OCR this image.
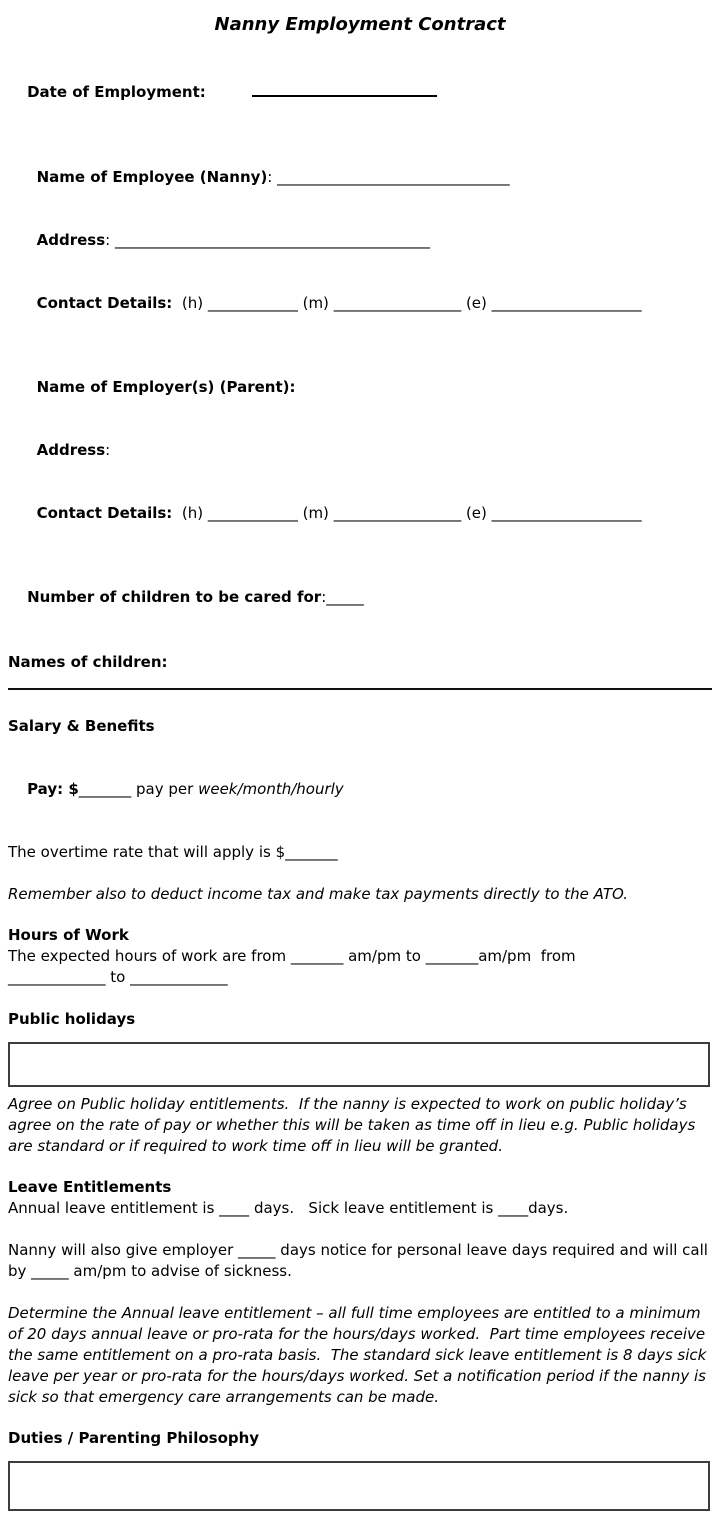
Nanny Employment Contract

Date of Employment:

Name of Employee (Nanny): _______________________________

Address: __________________________________________

Contact Details:  (h) ____________ (m) _________________ (e) ____________________

Name of Employer(s) (Parent):

Address:

Contact Details:  (h) ____________ (m) _________________ (e) ____________________

Number of children to be cared for:_____

Names of children:
Salary & Benefits

Pay: $_______ pay per week/month/hourly

The overtime rate that will apply is $_______
Remember also to deduct income tax and make tax payments directly to the ATO.
Hours of Work
The expected hours of work are from _______ am/pm to _______am/pm  from
_____________ to _____________
Public holidays
Agree on Public holiday entitlements.  If the nanny is expected to work on public holiday’s agree on the rate of pay or whether this will be taken as time off in lieu e.g. Public holidays are standard or if required to work time off in lieu will be granted.
Leave Entitlements
Annual leave entitlement is ____ days.   Sick leave entitlement is ____days.
Nanny will also give employer _____ days notice for personal leave days required and will call by _____ am/pm to advise of sickness.
Determine the Annual leave entitlement – all full time employees are entitled to a minimum of 20 days annual leave or pro-rata for the hours/days worked.  Part time employees receive the same entitlement on a pro-rata basis.  The standard sick leave entitlement is 8 days sick leave per year or pro-rata for the hours/days worked. Set a notification period if the nanny is sick so that emergency care arrangements can be made.
Duties / Parenting Philosophy
